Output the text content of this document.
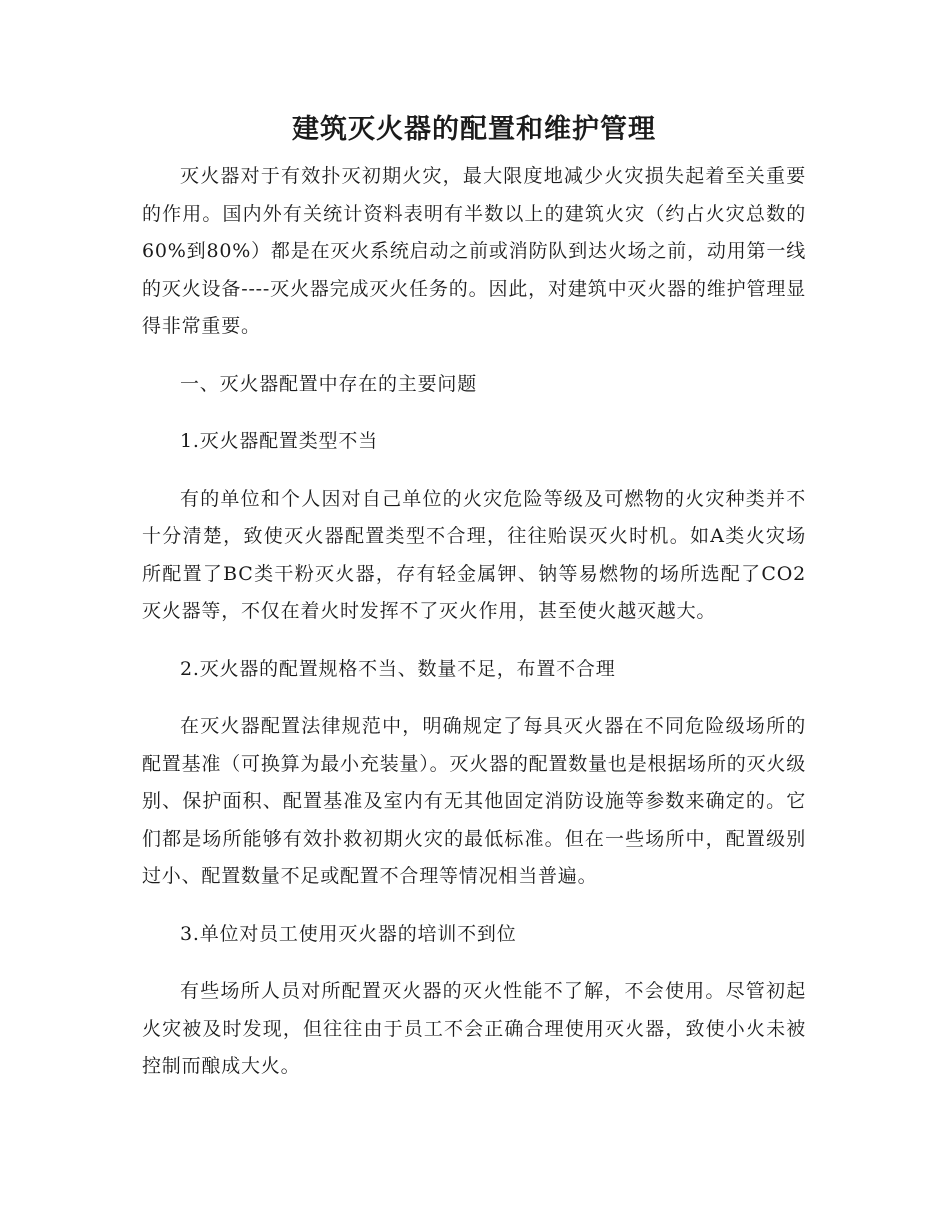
建筑灭火器的配置和维护管理

灭火器对于有效扑灭初期火灾，最大限度地减少火灾损失起着至关重要的作用。国内外有关统计资料表明有半数以上的建筑火灾（约占火灾总数的60%到80%）都是在灭火系统启动之前或消防队到达火场之前，动用第一线的灭火设备----灭火器完成灭火任务的。因此，对建筑中灭火器的维护管理显得非常重要。

一、灭火器配置中存在的主要问题

1.灭火器配置类型不当

有的单位和个人因对自己单位的火灾危险等级及可燃物的火灾种类并不十分清楚，致使灭火器配置类型不合理，往往贻误灭火时机。如A类火灾场所配置了BC类干粉灭火器，存有轻金属钾、钠等易燃物的场所选配了CO2灭火器等，不仅在着火时发挥不了灭火作用，甚至使火越灭越大。

2.灭火器的配置规格不当、数量不足，布置不合理

在灭火器配置法律规范中，明确规定了每具灭火器在不同危险级场所的配置基准（可换算为最小充装量）。灭火器的配置数量也是根据场所的灭火级别、保护面积、配置基准及室内有无其他固定消防设施等参数来确定的。它们都是场所能够有效扑救初期火灾的最低标准。但在一些场所中，配置级别过小、配置数量不足或配置不合理等情况相当普遍。

3.单位对员工使用灭火器的培训不到位

有些场所人员对所配置灭火器的灭火性能不了解，不会使用。尽管初起火灾被及时发现，但往往由于员工不会正确合理使用灭火器，致使小火未被控制而酿成大火。
